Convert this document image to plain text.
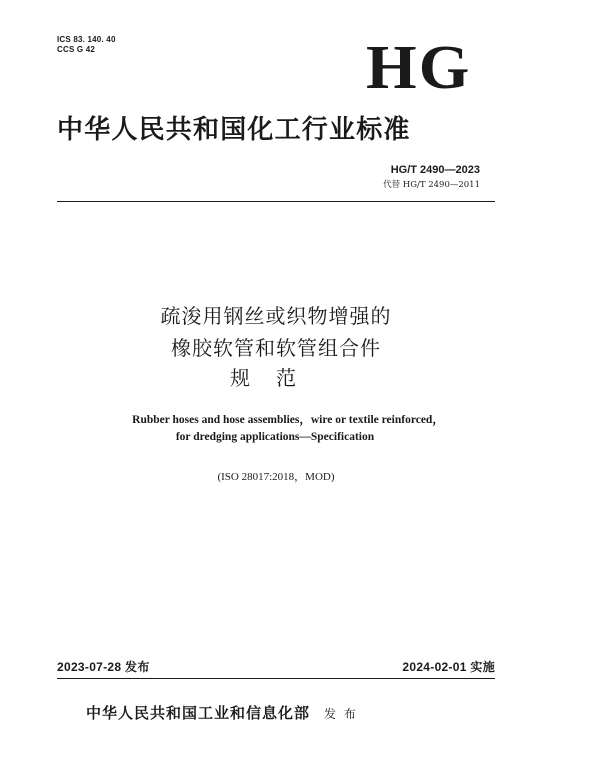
ICS 83. 140. 40
CCS G 42	HG
中华人民共和国化工行业标准
HG/T 2490—2023
代替 HG/T 2490—2011
疏浚用钢丝或织物增强的
橡胶软管和软管组合件
规范
Rubber hoses and hose assemblies，wire or textile reinforced，
for dredging applications—Specification
(ISO 28017:2018，MOD)
2023-07-28 发布	2024-02-01 实施
中华人民共和国工业和信息化部 发 布
